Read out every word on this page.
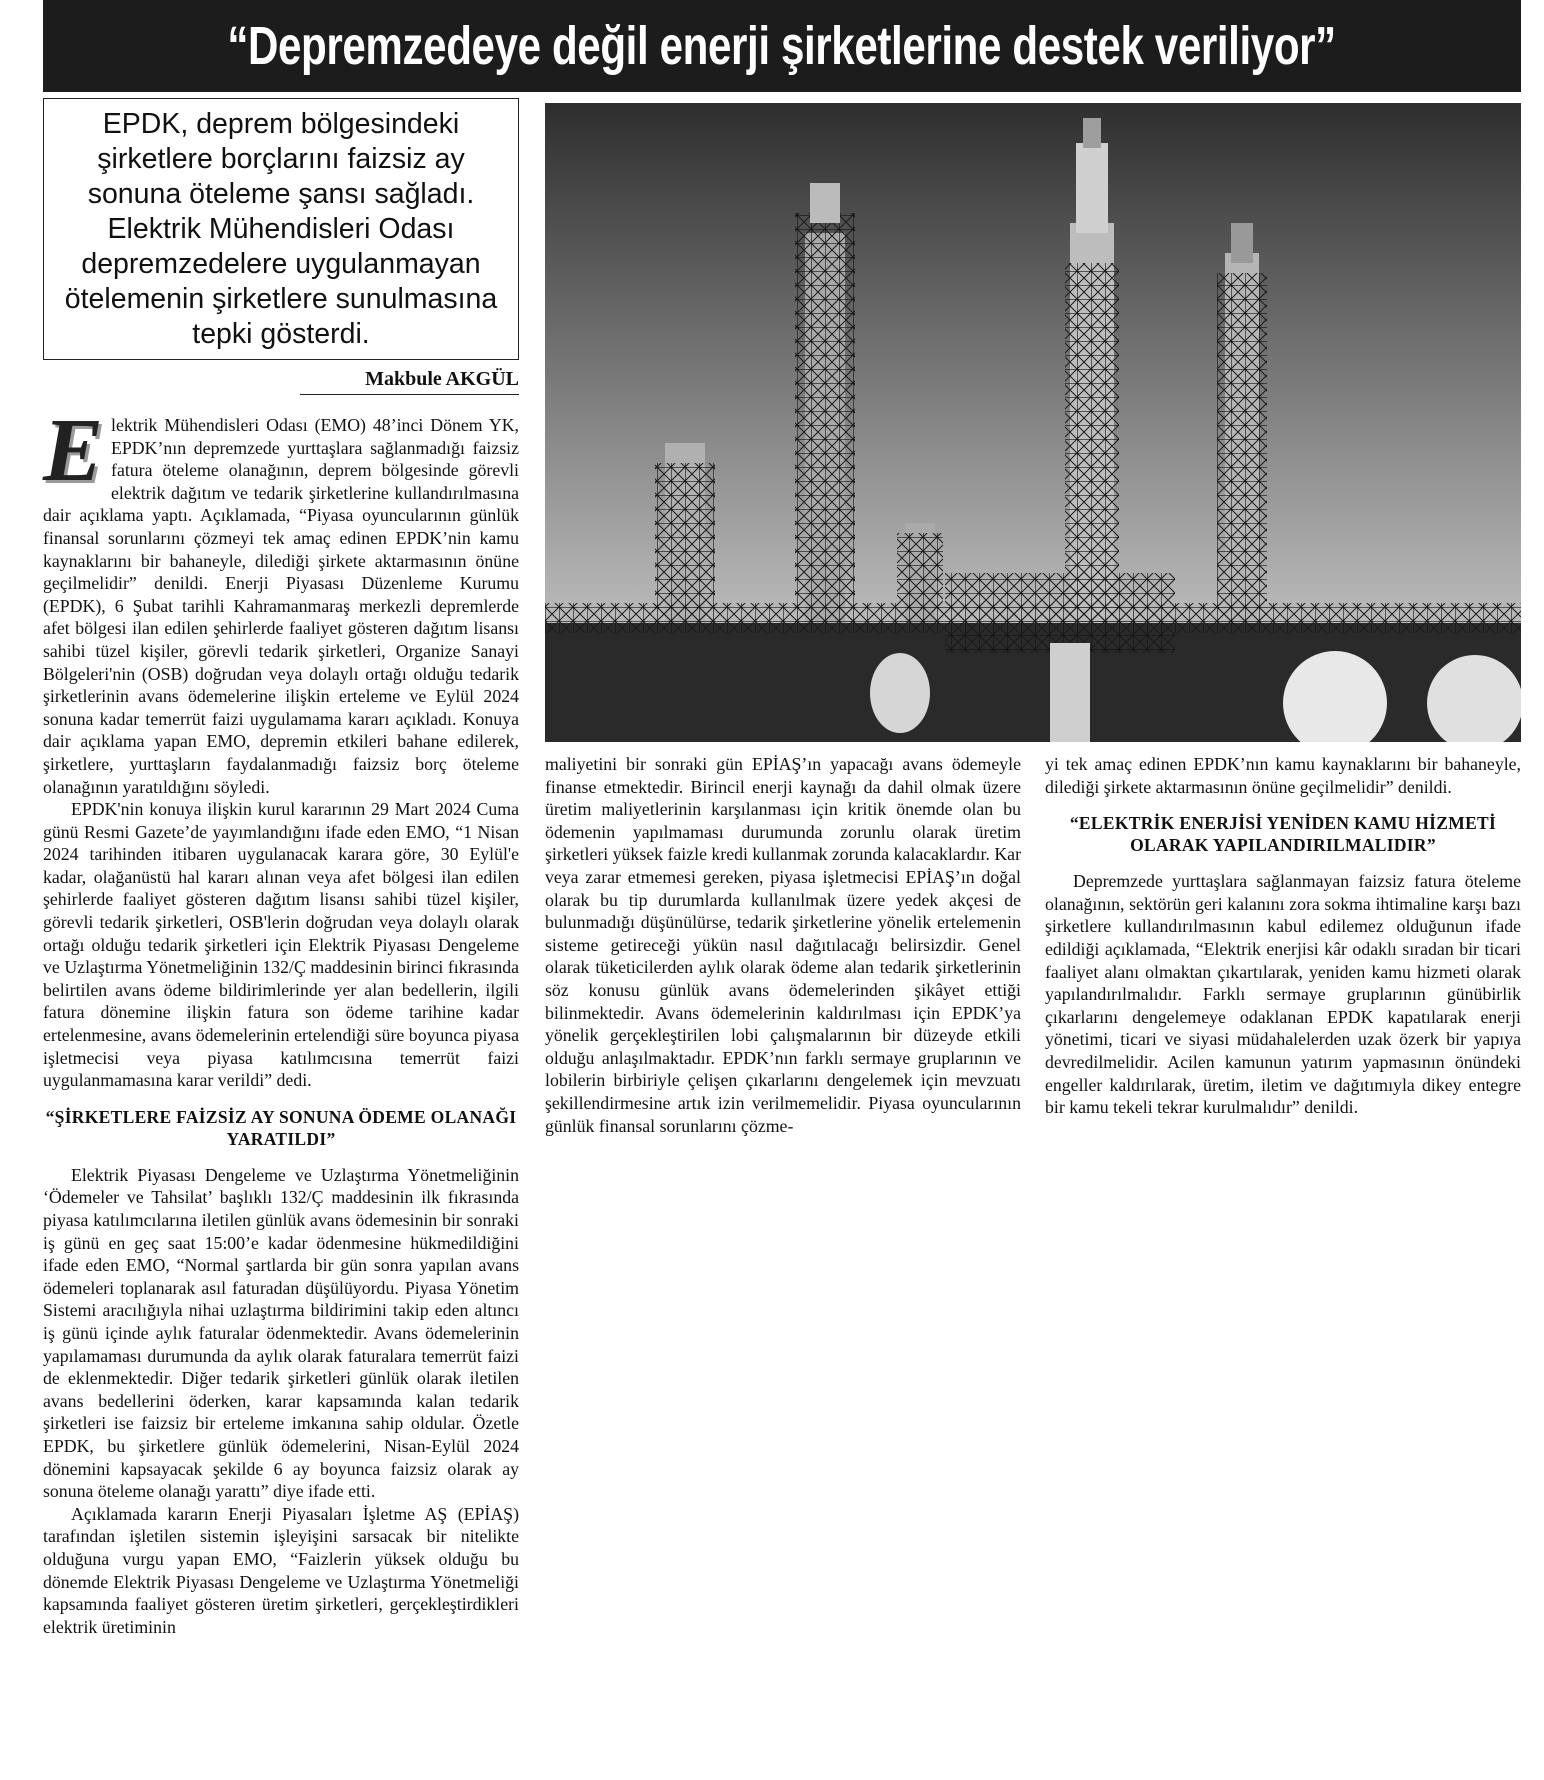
“Depremzedeye değil enerji şirketlerine destek veriliyor”

EPDK, deprem bölgesindeki şirketlere borçlarını faizsiz ay sonuna öteleme şansı sağladı. Elektrik Mühendisleri Odası depremzedelere uygulanmayan ötelemenin şirketlere sunulmasına tepki gösterdi.

Makbule AKGÜL

Elektrik Mühendisleri Odası (EMO) 48’inci Dönem YK, EPDK’nın depremzede yurttaşlara sağlanmadığı faizsiz fatura öteleme olanağının, deprem bölgesinde görevli elektrik dağıtım ve tedarik şirketlerine kullandırılmasına dair açıklama yaptı. Açıklamada, “Piyasa oyuncularının günlük finansal sorunlarını çözmeyi tek amaç edinen EPDK’nin kamu kaynaklarını bir bahaneyle, dilediği şirkete aktarmasının önüne geçilmelidir” denildi. Enerji Piyasası Düzenleme Kurumu (EPDK), 6 Şubat tarihli Kahramanmaraş merkezli depremlerde afet bölgesi ilan edilen şehirlerde faaliyet gösteren dağıtım lisansı sahibi tüzel kişiler, görevli tedarik şirketleri, Organize Sanayi Bölgeleri'nin (OSB) doğrudan veya dolaylı ortağı olduğu tedarik şirketlerinin avans ödemelerine ilişkin erteleme ve Eylül 2024 sonuna kadar temerrüt faizi uygulamama kararı açıkladı. Konuya dair açıklama yapan EMO, depremin etkileri bahane edilerek, şirketlere, yurttaşların faydalanmadığı faizsiz borç öteleme olanağının yaratıldığını söyledi.

EPDK'nin konuya ilişkin kurul kararının 29 Mart 2024 Cuma günü Resmi Gazete’de yayımlandığını ifade eden EMO, “1 Nisan 2024 tarihinden itibaren uygulanacak karara göre, 30 Eylül'e kadar, olağanüstü hal kararı alınan veya afet bölgesi ilan edilen şehirlerde faaliyet gösteren dağıtım lisansı sahibi tüzel kişiler, görevli tedarik şirketleri, OSB'lerin doğrudan veya dolaylı olarak ortağı olduğu tedarik şirketleri için Elektrik Piyasası Dengeleme ve Uzlaştırma Yönetmeliğinin 132/Ç maddesinin birinci fıkrasında belirtilen avans ödeme bildirimlerinde yer alan bedellerin, ilgili fatura dönemine ilişkin fatura son ödeme tarihine kadar ertelenmesine, avans ödemelerinin ertelendiği süre boyunca piyasa işletmecisi veya piyasa katılımcısına temerrüt faizi uygulanmamasına karar verildi” dedi.

“ŞİRKETLERE FAİZSİZ AY SONUNA ÖDEME OLANAĞI YARATILDI”

Elektrik Piyasası Dengeleme ve Uzlaştırma Yönetmeliğinin ‘Ödemeler ve Tahsilat’ başlıklı 132/Ç maddesinin ilk fıkrasında piyasa katılımcılarına iletilen günlük avans ödemesinin bir sonraki iş günü en geç saat 15:00’e kadar ödenmesine hükmedildiğini ifade eden EMO, “Normal şartlarda bir gün sonra yapılan avans ödemeleri toplanarak asıl faturadan düşülüyordu. Piyasa Yönetim Sistemi aracılığıyla nihai uzlaştırma bildirimini takip eden altıncı iş günü içinde aylık faturalar ödenmektedir. Avans ödemelerinin yapılamaması durumunda da aylık olarak faturalara temerrüt faizi de eklenmektedir. Diğer tedarik şirketleri günlük olarak iletilen avans bedellerini öderken, karar kapsamında kalan tedarik şirketleri ise faizsiz bir erteleme imkanına sahip oldular. Özetle EPDK, bu şirketlere günlük ödemelerini, Nisan-Eylül 2024 dönemini kapsayacak şekilde 6 ay boyunca faizsiz olarak ay sonuna öteleme olanağı yarattı” diye ifade etti.

Açıklamada kararın Enerji Piyasaları İşletme AŞ (EPİAŞ) tarafından işletilen sistemin işleyişini sarsacak bir nitelikte olduğuna vurgu yapan EMO, “Faizlerin yüksek olduğu bu dönemde Elektrik Piyasası Dengeleme ve Uzlaştırma Yönetmeliği kapsamında faaliyet gösteren üretim şirketleri, gerçekleştirdikleri elektrik üretiminin

maliyetini bir sonraki gün EPİAŞ’ın yapacağı avans ödemeyle finanse etmektedir. Birincil enerji kaynağı da dahil olmak üzere üretim maliyetlerinin karşılanması için kritik önemde olan bu ödemenin yapılmaması durumunda zorunlu olarak üretim şirketleri yüksek faizle kredi kullanmak zorunda kalacaklardır. Kar veya zarar etmemesi gereken, piyasa işletmecisi EPİAŞ’ın doğal olarak bu tip durumlarda kullanılmak üzere yedek akçesi de bulunmadığı düşünülürse, tedarik şirketlerine yönelik ertelemenin sisteme getireceği yükün nasıl dağıtılacağı belirsizdir. Genel olarak tüketicilerden aylık olarak ödeme alan tedarik şirketlerinin söz konusu günlük avans ödemelerinden şikâyet ettiği bilinmektedir. Avans ödemelerinin kaldırılması için EPDK’ya yönelik gerçekleştirilen lobi çalışmalarının bir düzeyde etkili olduğu anlaşılmaktadır. EPDK’nın farklı sermaye gruplarının ve lobilerin birbiriyle çelişen çıkarlarını dengelemek için mevzuatı şekillendirmesine artık izin verilmemelidir. Piyasa oyuncularının günlük finansal sorunlarını çözme-

yi tek amaç edinen EPDK’nın kamu kaynaklarını bir bahaneyle, dilediği şirkete aktarmasının önüne geçilmelidir” denildi.

“ELEKTRİK ENERJİSİ YENİDEN KAMU HİZMETİ OLARAK YAPILANDIRILMALIDIR”

Depremzede yurttaşlara sağlanmayan faizsiz fatura öteleme olanağının, sektörün geri kalanını zora sokma ihtimaline karşı bazı şirketlere kullandırılmasının kabul edilemez olduğunun ifade edildiği açıklamada, “Elektrik enerjisi kâr odaklı sıradan bir ticari faaliyet alanı olmaktan çıkartılarak, yeniden kamu hizmeti olarak yapılandırılmalıdır. Farklı sermaye gruplarının günübirlik çıkarlarını dengelemeye odaklanan EPDK kapatılarak enerji yönetimi, ticari ve siyasi müdahalelerden uzak özerk bir yapıya devredilmelidir. Acilen kamunun yatırım yapmasının önündeki engeller kaldırılarak, üretim, iletim ve dağıtımıyla dikey entegre bir kamu tekeli tekrar kurulmalıdır” denildi.
